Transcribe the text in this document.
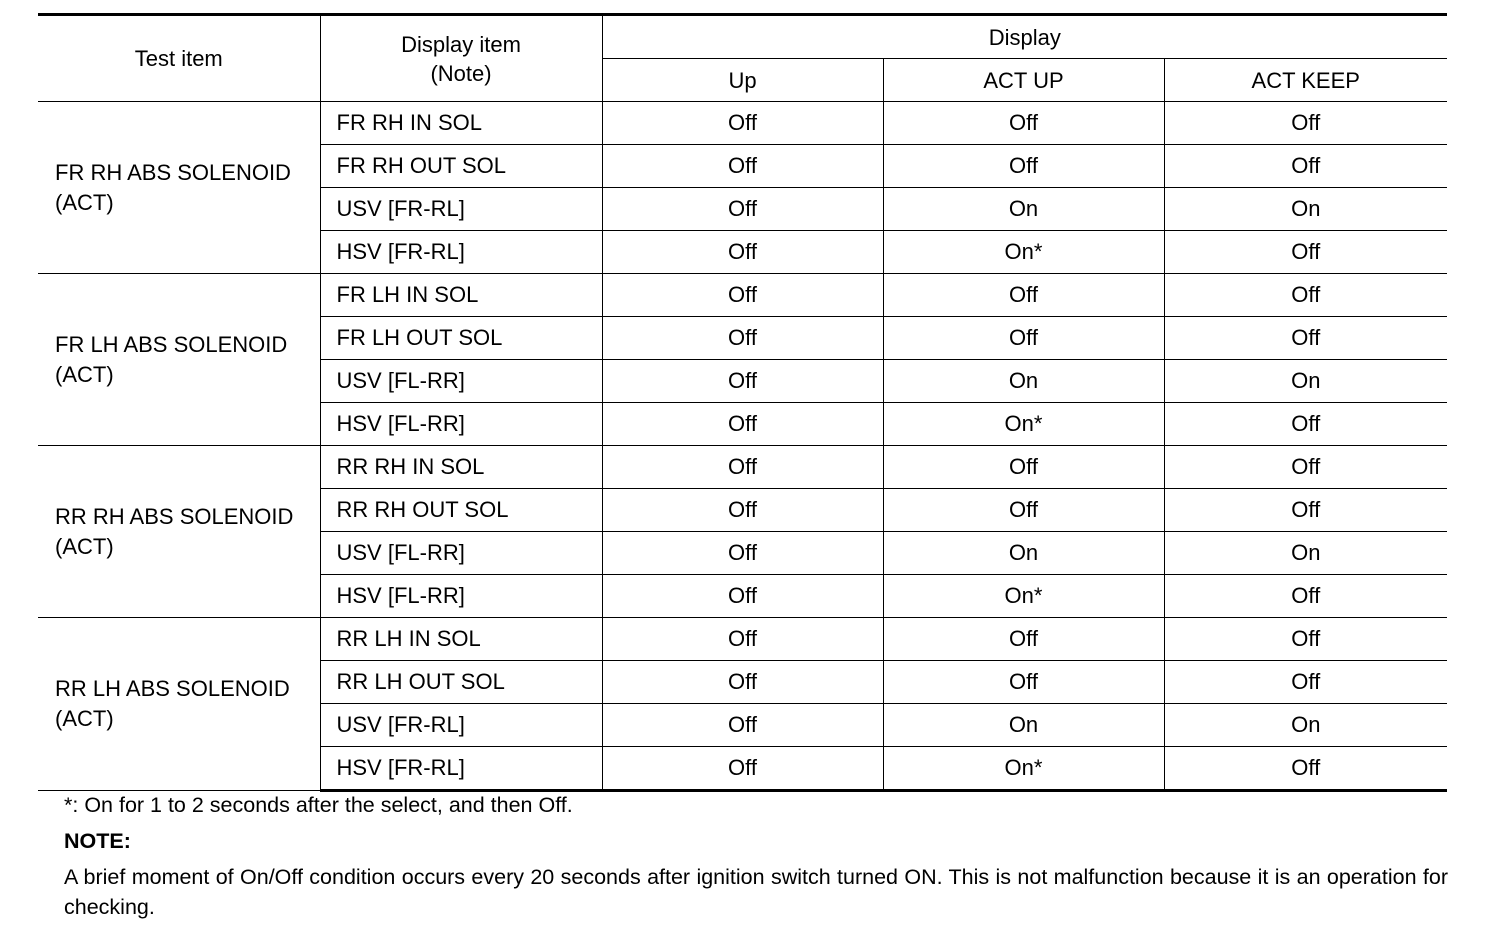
Test item	Display item
(Note)	Display		
		Up	ACT UP	ACT KEEP
FR RH ABS SOLENOID
(ACT)	FR RH IN SOL	Off	Off	Off
	FR RH OUT SOL	Off	Off	Off
	USV [FR-RL]	Off	On	On
	HSV [FR-RL]	Off	On*	Off
FR LH ABS SOLENOID
(ACT)	FR LH IN SOL	Off	Off	Off
	FR LH OUT SOL	Off	Off	Off
	USV [FL-RR]	Off	On	On
	HSV [FL-RR]	Off	On*	Off
RR RH ABS SOLENOID
(ACT)	RR RH IN SOL	Off	Off	Off
	RR RH OUT SOL	Off	Off	Off
	USV [FL-RR]	Off	On	On
	HSV [FL-RR]	Off	On*	Off
RR LH ABS SOLENOID
(ACT)	RR LH IN SOL	Off	Off	Off
	RR LH OUT SOL	Off	Off	Off
	USV [FR-RL]	Off	On	On
	HSV [FR-RL]	Off	On*	Off

*: On for 1 to 2 seconds after the select, and then Off.

NOTE:

A brief moment of On/Off condition occurs every 20 seconds after ignition switch turned ON. This is not malfunction because it is an operation for checking.
